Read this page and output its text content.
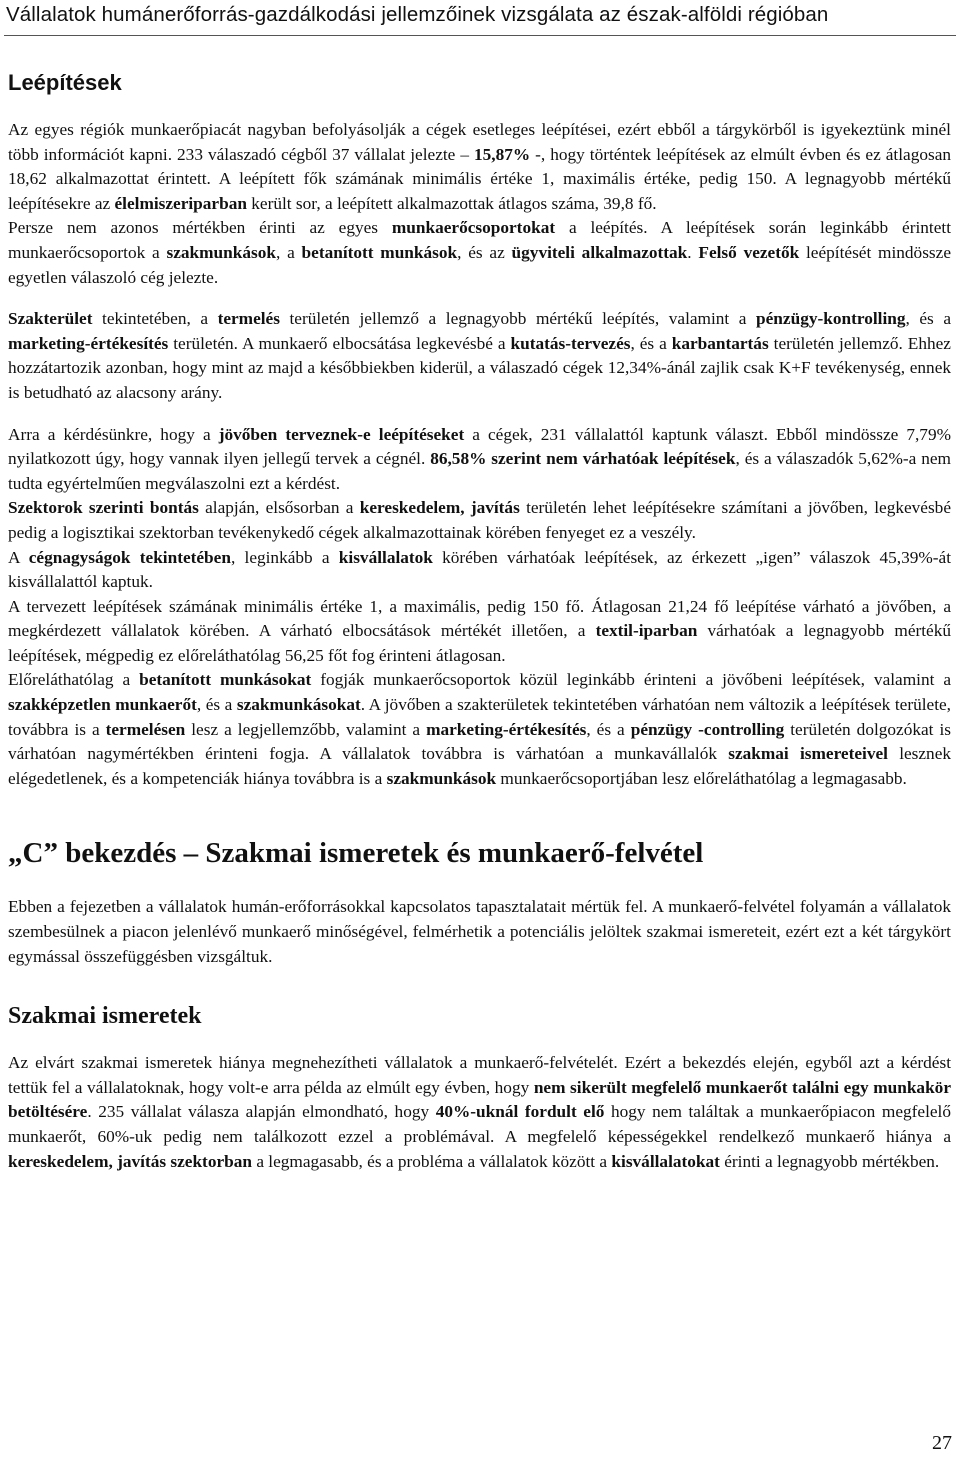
Vállalatok humánerőforrás-gazdálkodási jellemzőinek vizsgálata az észak-alföldi régióban
Leépítések

Az egyes régiók munkaerőpiacát nagyban befolyásolják a cégek esetleges leépítései, ezért ebből a tárgykörből is igyekeztünk minél több információt kapni. 233 válaszadó cégből 37 vállalat jelezte – 15,87% -, hogy történtek leépítések az elmúlt évben és ez átlagosan 18,62 alkalmazottat érintett. A leépített fők számának minimális értéke 1, maximális értéke, pedig 150. A legnagyobb mértékű leépítésekre az élelmiszeriparban került sor, a leépített alkalmazottak átlagos száma, 39,8 fő.

Persze nem azonos mértékben érinti az egyes munkaerőcsoportokat a leépítés. A leépítések során leginkább érintett munkaerőcsoportok a szakmunkások, a betanított munkások, és az ügyviteli alkalmazottak. Felső vezetők leépítését mindössze egyetlen válaszoló cég jelezte.

Szakterület tekintetében, a termelés területén jellemző a legnagyobb mértékű leépítés, valamint a pénzügy-kontrolling, és a marketing-értékesítés területén. A munkaerő elbocsátása legkevésbé a kutatás-tervezés, és a karbantartás területén jellemző. Ehhez hozzátartozik azonban, hogy mint az majd a későbbiekben kiderül, a válaszadó cégek 12,34%-ánál zajlik csak K+F tevékenység, ennek is betudható az alacsony arány.

Arra a kérdésünkre, hogy a jövőben terveznek-e leépítéseket a cégek, 231 vállalattól kaptunk választ. Ebből mindössze 7,79% nyilatkozott úgy, hogy vannak ilyen jellegű tervek a cégnél. 86,58% szerint nem várhatóak leépítések, és a válaszadók 5,62%-a nem tudta egyértelműen megválaszolni ezt a kérdést.

Szektorok szerinti bontás alapján, elsősorban a kereskedelem, javítás területén lehet leépítésekre számítani a jövőben, legkevésbé pedig a logisztikai szektorban tevékenykedő cégek alkalmazottainak körében fenyeget ez a veszély.

A cégnagyságok tekintetében, leginkább a kisvállalatok körében várhatóak leépítések, az érkezett „igen” válaszok 45,39%-át kisvállalattól kaptuk.

A tervezett leépítések számának minimális értéke 1, a maximális, pedig 150 fő. Átlagosan 21,24 fő leépítése várható a jövőben, a megkérdezett vállalatok körében. A várható elbocsátások mértékét illetően, a textil-iparban várhatóak a legnagyobb mértékű leépítések, mégpedig ez előreláthatólag 56,25 főt fog érinteni átlagosan.

Előreláthatólag a betanított munkásokat fogják munkaerőcsoportok közül leginkább érinteni a jövőbeni leépítések, valamint a szakképzetlen munkaerőt, és a szakmunkásokat. A jövőben a szakterületek tekintetében várhatóan nem változik a leépítések területe, továbbra is a termelésen lesz a legjellemzőbb, valamint a marketing-értékesítés, és a pénzügy -controlling területén dolgozókat is várhatóan nagymértékben érinteni fogja. A vállalatok továbbra is várhatóan a munkavállalók szakmai ismereteivel lesznek elégedetlenek, és a kompetenciák hiánya továbbra is a szakmunkások munkaerőcsoportjában lesz előreláthatólag a legmagasabb.

„C” bekezdés – Szakmai ismeretek és munkaerő-felvétel

Ebben a fejezetben a vállalatok humán-erőforrásokkal kapcsolatos tapasztalatait mértük fel. A munkaerő-felvétel folyamán a vállalatok szembesülnek a piacon jelenlévő munkaerő minőségével, felmérhetik a potenciális jelöltek szakmai ismereteit, ezért ezt a két tárgykört egymással összefüggésben vizsgáltuk.

Szakmai ismeretek

Az elvárt szakmai ismeretek hiánya megnehezítheti vállalatok a munkaerő-felvételét. Ezért a bekezdés elején, egyből azt a kérdést tettük fel a vállalatoknak, hogy volt-e arra példa az elmúlt egy évben, hogy nem sikerült megfelelő munkaerőt találni egy munkakör betöltésére. 235 vállalat válasza alapján elmondható, hogy 40%-uknál fordult elő hogy nem találtak a munkaerőpiacon megfelelő munkaerőt, 60%-uk pedig nem találkozott ezzel a problémával. A megfelelő képességekkel rendelkező munkaerő hiánya a kereskedelem, javítás szektorban a legmagasabb, és a probléma a vállalatok között a kisvállalatokat érinti a legnagyobb mértékben.

27
